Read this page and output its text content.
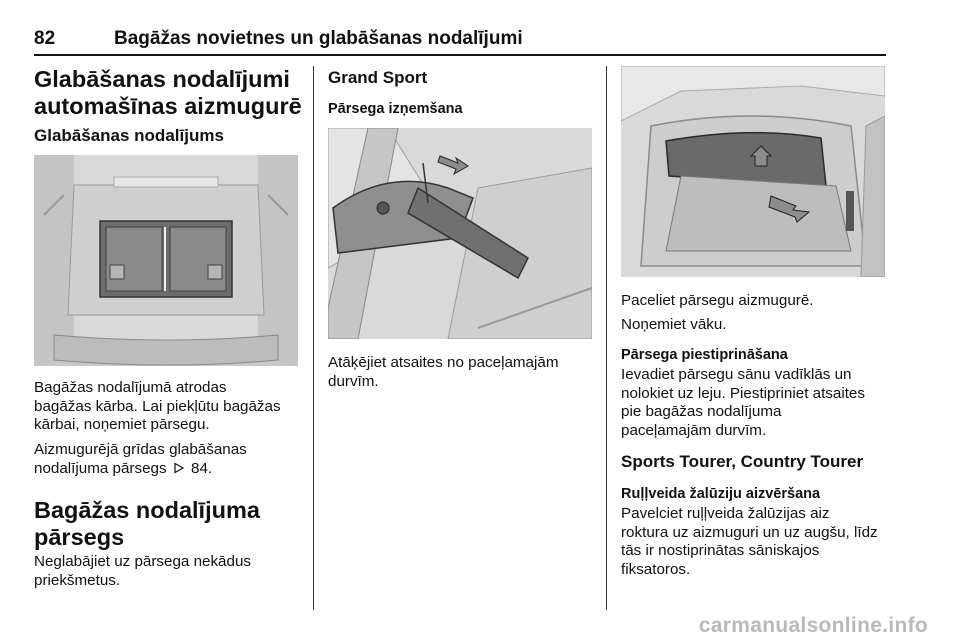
82	Bagāžas novietnes un glabāšanas nodalījumi
Glabāšanas nodalījumi
automašīnas aizmugurē
Glabāšanas nodalījums
Bagāžas nodalījumā atrodas
bagāžas kārba. Lai piekļūtu bagāžas
kārbai, noņemiet pārsegu.
Aizmugurējā grīdas glabāšanas
nodalījuma pārsegs 84.
Bagāžas nodalījuma
pārsegs
Neglabājiet uz pārsega nekādus
priekšmetus.
Grand Sport
Pārsega izņemšana
Atāķējiet atsaites no paceļamajām
durvīm.
Paceliet pārsegu aizmugurē.
Noņemiet vāku.
Pārsega piestiprināšana
Ievadiet pārsegu sānu vadīklās un
nolokiet uz leju. Piestipriniet atsaites
pie bagāžas nodalījuma
paceļamajām durvīm.
Sports Tourer, Country Tourer
Ruļļveida žalūziju aizvēršana
Pavelciet ruļļveida žalūzijas aiz
roktura uz aizmuguri un uz augšu, līdz
tās ir nostiprinātas sāniskajos
fiksatoros.
carmanualsonline.info
